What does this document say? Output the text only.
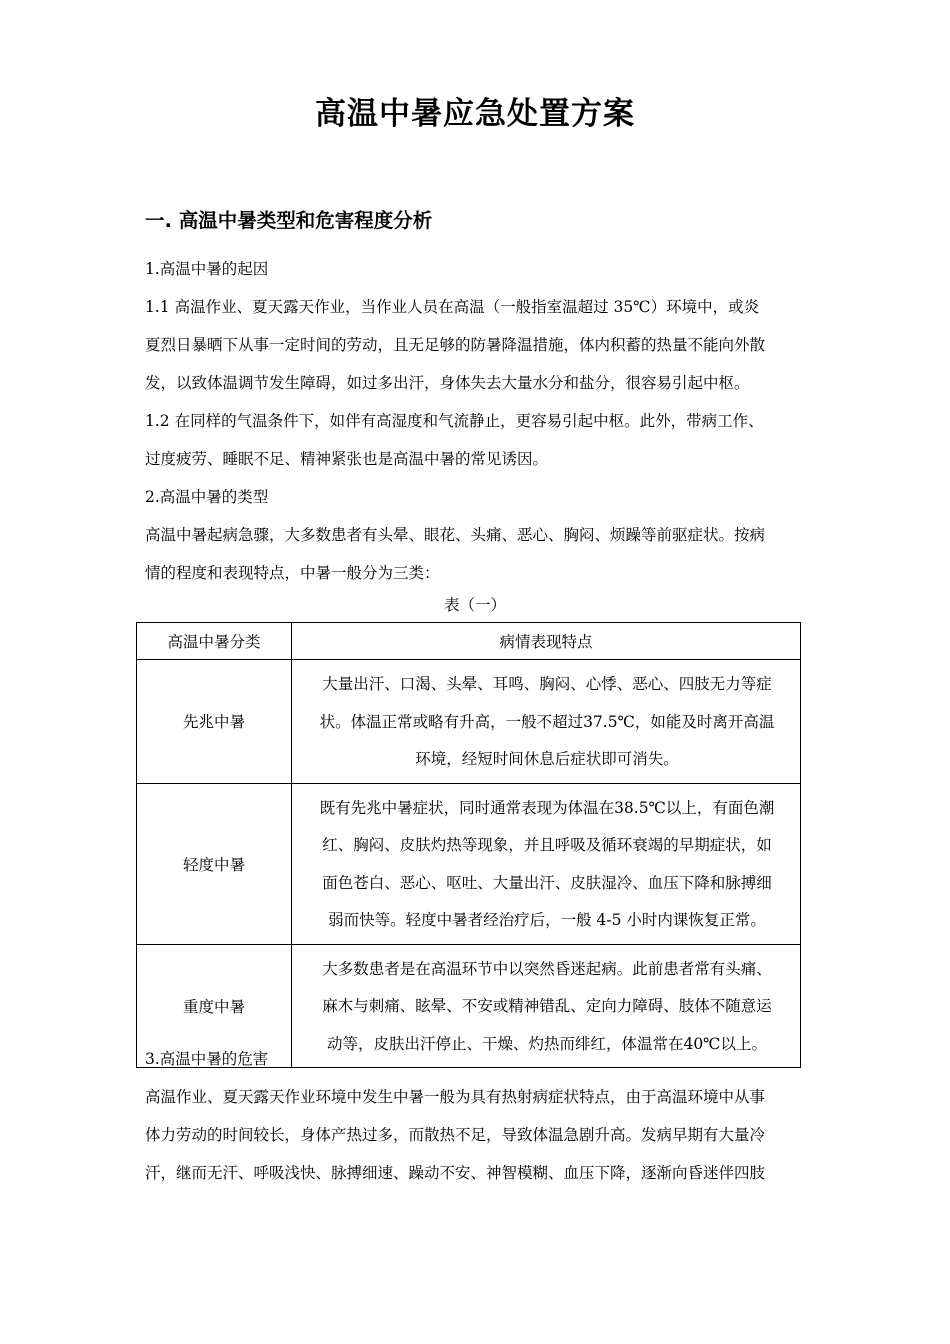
高温中暑应急处置方案
一. 高温中暑类型和危害程度分析
1.高温中暑的起因
1.1 高温作业、夏天露天作业，当作业人员在高温（一般指室温超过 35℃）环境中，或炎
夏烈日暴晒下从事一定时间的劳动，且无足够的防暑降温措施，体内积蓄的热量不能向外散
发，以致体温调节发生障碍，如过多出汗，身体失去大量水分和盐分，很容易引起中枢。
1.2 在同样的气温条件下，如伴有高湿度和气流静止，更容易引起中枢。此外，带病工作、
过度疲劳、睡眠不足、精神紧张也是高温中暑的常见诱因。
2.高温中暑的类型
高温中暑起病急骤，大多数患者有头晕、眼花、头痛、恶心、胸闷、烦躁等前驱症状。按病
情的程度和表现特点，中暑一般分为三类：
表（一）
高温中暑分类	病情表现特点
先兆中暑	大量出汗、口渴、头晕、耳鸣、胸闷、心悸、恶心、四肢无力等症
状。体温正常或略有升高，一般不超过37.5℃，如能及时离开高温
环境，经短时间休息后症状即可消失。

轻度中暑	既有先兆中暑症状，同时通常表现为体温在38.5℃以上，有面色潮
红、胸闷、皮肤灼热等现象，并且呼吸及循环衰竭的早期症状，如
面色苍白、恶心、呕吐、大量出汗、皮肤湿冷、血压下降和脉搏细
弱而快等。轻度中暑者经治疗后，一般 4-5 小时内课恢复正常。

重度中暑	大多数患者是在高温环节中以突然昏迷起病。此前患者常有头痛、
麻木与刺痛、眩晕、不安或精神错乱、定向力障碍、肢体不随意运
动等，皮肤出汗停止、干燥、灼热而绯红，体温常在40℃以上。
3.高温中暑的危害
高温作业、夏天露天作业环境中发生中暑一般为具有热射病症状特点，由于高温环境中从事
体力劳动的时间较长，身体产热过多，而散热不足，导致体温急剧升高。发病早期有大量冷
汗，继而无汗、呼吸浅快、脉搏细速、躁动不安、神智模糊、血压下降，逐渐向昏迷伴四肢
